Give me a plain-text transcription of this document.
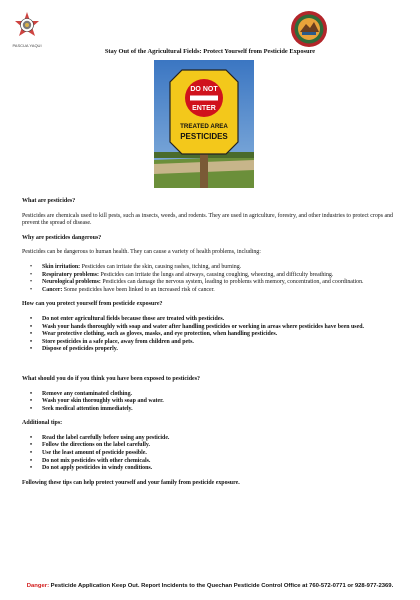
PASCUA YAQUI
Stay Out of the Agricultural Fields: Protect Yourself from Pesticide Exposure
DO NOT
ENTER
TREATED AREA
PESTICIDES
What are pesticides?

Pesticides are chemicals used to kill pests, such as insects, weeds, and rodents. They are used in agriculture, forestry, and other industries to protect crops and prevent the spread of disease.

Why are pesticides dangerous?

Pesticides can be dangerous to human health. They can cause a variety of health problems, including:

• Skin irritation: Pesticides can irritate the skin, causing rashes, itching, and burning.
• Respiratory problems: Pesticides can irritate the lungs and airways, causing coughing, wheezing, and difficulty breathing.
• Neurological problems: Pesticides can damage the nervous system, leading to problems with memory, concentration, and coordination.
• Cancer: Some pesticides have been linked to an increased risk of cancer.
How can you protect yourself from pesticide exposure?
• Do not enter agricultural fields because those are treated with pesticides.
• Wash your hands thoroughly with soap and water after handling pesticides or working in areas where pesticides have been used.
• Wear protective clothing, such as gloves, masks, and eye protection, when handling pesticides.
• Store pesticides in a safe place, away from children and pets.
• Dispose of pesticides properly.
What should you do if you think you have been exposed to pesticides?
• Remove any contaminated clothing.
• Wash your skin thoroughly with soap and water.
• Seek medical attention immediately.
Additional tips:
• Read the label carefully before using any pesticide.
• Follow the directions on the label carefully.
• Use the least amount of pesticide possible.
• Do not mix pesticides with other chemicals.
• Do not apply pesticides in windy conditions.

Following these tips can help protect yourself and your family from pesticide exposure.

Danger: Pesticide Application Keep Out. Report Incidents to the Quechan Pesticide Control Office at 760-572-0771 or 928-977-2369.
